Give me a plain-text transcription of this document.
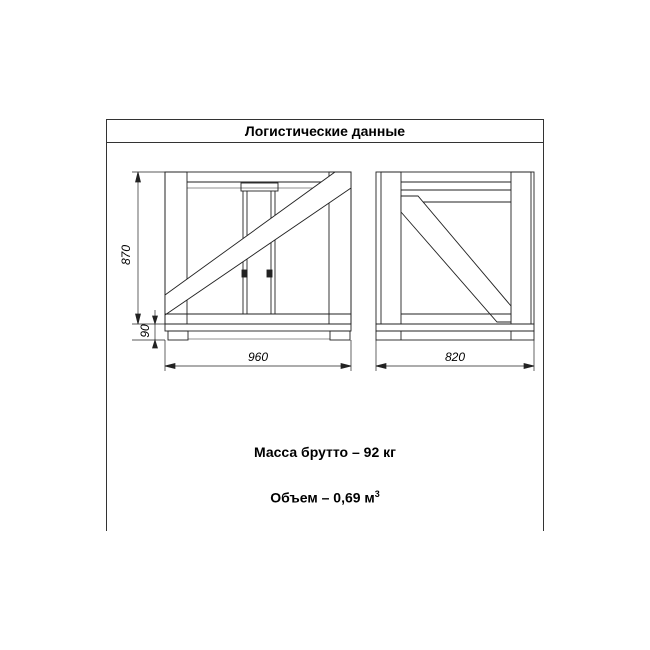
Логистические данные
870
90
960	820
Масса брутто – 92 кг
Объем – 0,69 $м^3$
